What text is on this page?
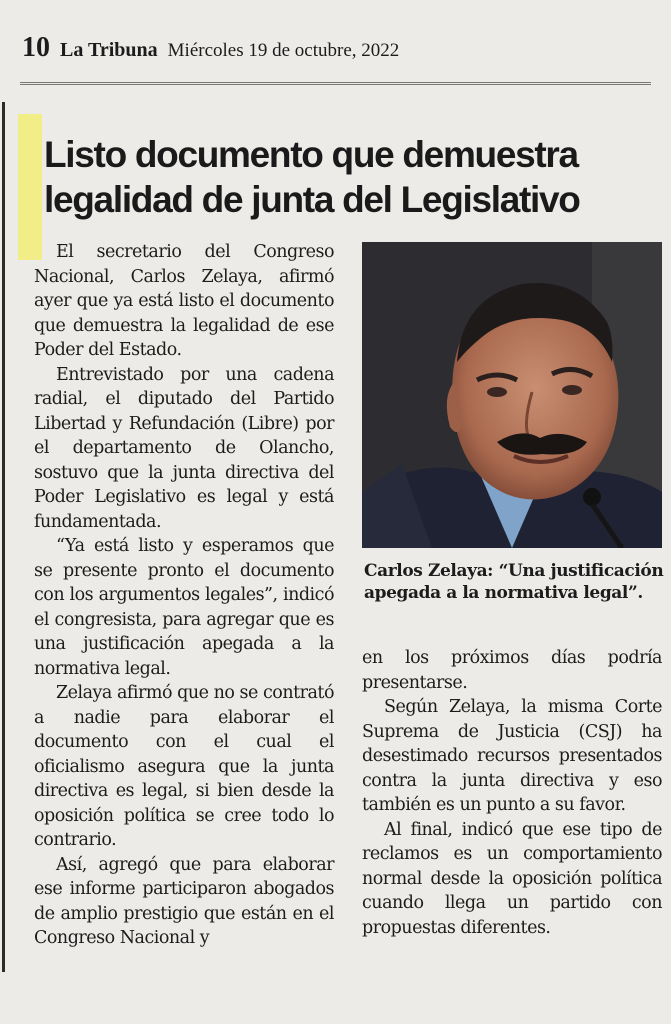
10 La Tribuna Miércoles 19 de octubre, 2022
Listo documento que demuestra
legalidad de junta del Legislativo

El secretario del Congreso Nacional, Carlos Zelaya, afirmó ayer que ya está listo el documento que demuestra la legalidad de ese Poder del Estado.

Entrevistado por una cadena radial, el diputado del Partido Libertad y Refundación (Libre) por el departamento de Olancho, sostuvo que la junta directiva del Poder Legislativo es legal y está fundamentada.

“Ya está listo y esperamos que se presente pronto el documento con los argumentos legales”, indicó el congresista, para agregar que es una justificación apegada a la normativa legal.

Zelaya afirmó que no se contrató a nadie para elaborar el documento con el cual el oficialismo asegura que la junta directiva es legal, si bien desde la oposición política se cree todo lo contrario.

Así, agregó que para elaborar ese informe participaron abogados de amplio prestigio que están en el Congreso Nacional y

Carlos Zelaya: “Una justificación apegada a la normativa legal”.

en los próximos días podría presentarse.

Según Zelaya, la misma Corte Suprema de Justicia (CSJ) ha desestimado recursos presentados contra la junta directiva y eso también es un punto a su favor.

Al final, indicó que ese tipo de reclamos es un comportamiento normal desde la oposición política cuando llega un partido con propuestas diferentes.
